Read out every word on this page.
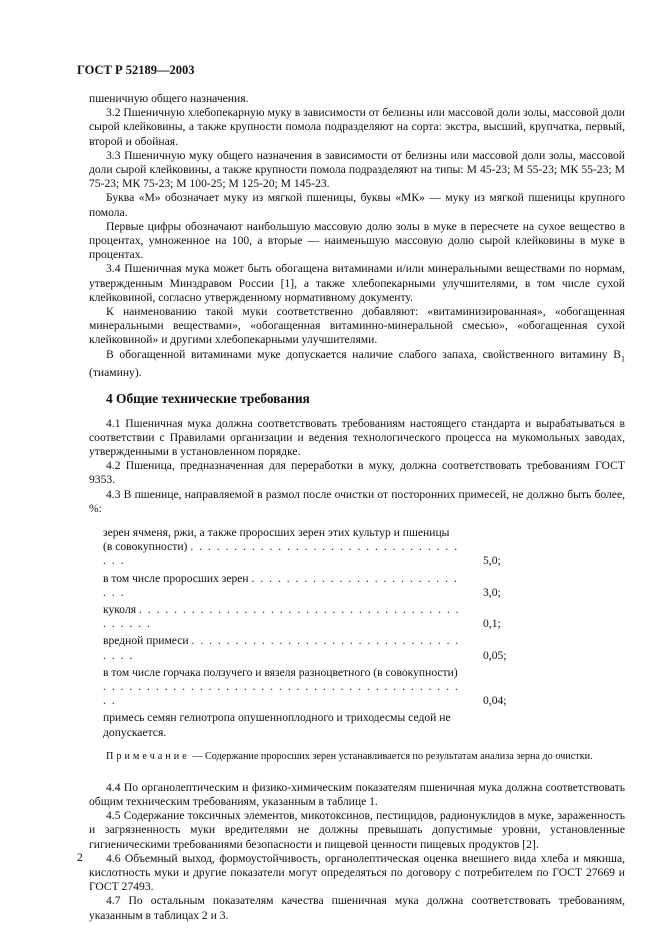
ГОСТ Р 52189—2003

пшеничную общего назначения.

3.2 Пшеничную хлебопекарную муку в зависимости от белизны или массовой доли золы, массовой доли сырой клейковины, а также крупности помола подразделяют на сорта: экстра, высший, крупчатка, первый, второй и обойная.

3.3 Пшеничную муку общего назначения в зависимости от белизны или массовой доли золы, массовой доли сырой клейковины, а также крупности помола подразделяют на типы: М 45-23; М 55-23; МК 55-23; М 75-23; МК 75-23; М 100-25; М 125-20; М 145-23.

Буква «М» обозначает муку из мягкой пшеницы, буквы «МК» — муку из мягкой пшеницы крупного помола.

Первые цифры обозначают наибольшую массовую долю золы в муке в пересчете на сухое вещество в процентах, умноженное на 100, а вторые — наименьшую массовую долю сырой клейковины в муке в процентах.

3.4 Пшеничная мука может быть обогащена витаминами и/или минеральными веществами по нормам, утвержденным Минздравом России [1], а также хлебопекарными улучшителями, в том числе сухой клейковиной, согласно утвержденному нормативному документу.

К наименованию такой муки соответственно добавляют: «витаминизированная», «обогащенная минеральными веществами», «обогащенная витаминно-минеральной смесью», «обогащенная сухой клейковиной» и другими хлебопекарными улучшителями.

В обогащенной витаминами муке допускается наличие слабого запаха, свойственного витамину $B_1$ (тиамину).

4 Общие технические требования

4.1 Пшеничная мука должна соответствовать требованиям настоящего стандарта и вырабатываться в соответствии с Правилами организации и ведения технологического процесса на мукомольных заводах, утвержденными в установленном порядке.

4.2 Пшеница, предназначенная для переработки в муку, должна соответствовать требованиям ГОСТ 9353.

4.3 В пшенице, направляемой в размол после очистки от посторонних примесей, не должно быть более, %:

зерен ячменя, ржи, а также проросших зерен этих культур и пшеницы (в совокупности) . . . . . . . . . . . . . . . . . . . . . . . . . . . . . . . . . .	5,0;
в том числе проросших зерен . . . . . . . . . . . . . . . . . . . . . . . . . . .	3,0;
куколя . . . . . . . . . . . . . . . . . . . . . . . . . . . . . . . . . . . . . . . . . . .	0,1;
вредной примеси . . . . . . . . . . . . . . . . . . . . . . . . . . . . . . . . . . .	0,05;
в том числе горчака ползучего и вязеля разноцветного (в совокупности) . . . . . . . . . . . . . . . . . . . . . . . . . . . . . . . . . . . . . . . . . . .	0,04;
примесь семян гелиотропа опушенноплодного и триходесмы седой не допускается.

Примечание — Содержание проросших зерен устанавливается по результатам анализа зерна до очистки.

4.4 По органолептическим и физико-химическим показателям пшеничная мука должна соответствовать общим техническим требованиям, указанным в таблице 1.

4.5 Содержание токсичных элементов, микотоксинов, пестицидов, радионуклидов в муке, зараженность и загрязненность муки вредителями не должны превышать допустимые уровни, установленные гигиеническими требованиями безопасности и пищевой ценности пищевых продуктов [2].

4.6 Объемный выход, формоустойчивость, органолептическая оценка внешнего вида хлеба и мякиша, кислотность муки и другие показатели могут определяться по договору с потребителем по ГОСТ 27669 и ГОСТ 27493.

4.7 По остальным показателям качества пшеничная мука должна соответствовать требованиям, указанным в таблицах 2 и 3.

2
